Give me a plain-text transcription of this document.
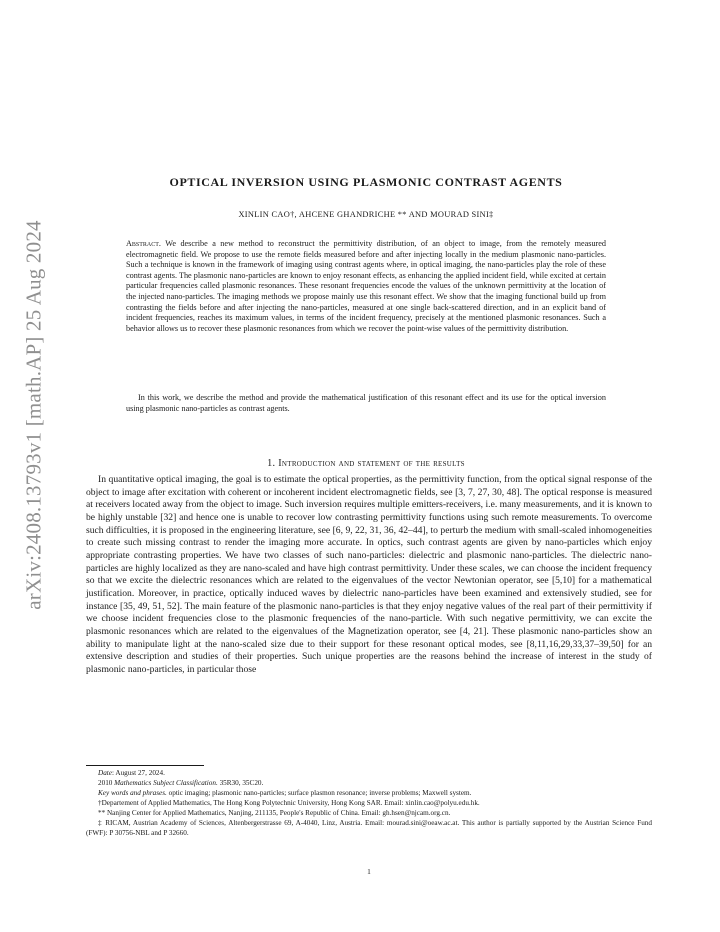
arXiv:2408.13793v1 [math.AP] 25 Aug 2024
OPTICAL INVERSION USING PLASMONIC CONTRAST AGENTS
XINLIN CAO†, AHCENE GHANDRICHE ** AND MOURAD SINI‡
Abstract. We describe a new method to reconstruct the permittivity distribution, of an object to image, from the remotely measured electromagnetic field. We propose to use the remote fields measured before and after injecting locally in the medium plasmonic nano-particles. Such a technique is known in the framework of imaging using contrast agents where, in optical imaging, the nano-particles play the role of these contrast agents. The plasmonic nano-particles are known to enjoy resonant effects, as enhancing the applied incident field, while excited at certain particular frequencies called plasmonic resonances. These resonant frequencies encode the values of the unknown permittivity at the location of the injected nano-particles. The imaging methods we propose mainly use this resonant effect. We show that the imaging functional build up from contrasting the fields before and after injecting the nano-particles, measured at one single back-scattered direction, and in an explicit band of incident frequencies, reaches its maximum values, in terms of the incident frequency, precisely at the mentioned plasmonic resonances. Such a behavior allows us to recover these plasmonic resonances from which we recover the point-wise values of the permittivity distribution.
In this work, we describe the method and provide the mathematical justification of this resonant effect and its use for the optical inversion using plasmonic nano-particles as contrast agents.
1. Introduction and statement of the results
In quantitative optical imaging, the goal is to estimate the optical properties, as the permittivity function, from the optical signal response of the object to image after excitation with coherent or incoherent incident electromagnetic fields, see [3, 7, 27, 30, 48]. The optical response is measured at receivers located away from the object to image. Such inversion requires multiple emitters-receivers, i.e. many measurements, and it is known to be highly unstable [32] and hence one is unable to recover low contrasting permittivity functions using such remote measurements. To overcome such difficulties, it is proposed in the engineering literature, see [6, 9, 22, 31, 36, 42–44], to perturb the medium with small-scaled inhomogeneities to create such missing contrast to render the imaging more accurate. In optics, such contrast agents are given by nano-particles which enjoy appropriate contrasting properties. We have two classes of such nano-particles: dielectric and plasmonic nano-particles. The dielectric nano-particles are highly localized as they are nano-scaled and have high contrast permittivity. Under these scales, we can choose the incident frequency so that we excite the dielectric resonances which are related to the eigenvalues of the vector Newtonian operator, see [5,10] for a mathematical justification. Moreover, in practice, optically induced waves by dielectric nano-particles have been examined and extensively studied, see for instance [35, 49, 51, 52]. The main feature of the plasmonic nano-particles is that they enjoy negative values of the real part of their permittivity if we choose incident frequencies close to the plasmonic frequencies of the nano-particle. With such negative permittivity, we can excite the plasmonic resonances which are related to the eigenvalues of the Magnetization operator, see [4, 21]. These plasmonic nano-particles show an ability to manipulate light at the nano-scaled size due to their support for these resonant optical modes, see [8,11,16,29,33,37–39,50] for an extensive description and studies of their properties. Such unique properties are the reasons behind the increase of interest in the study of plasmonic nano-particles, in particular those

Date: August 27, 2024.

2010 Mathematics Subject Classification. 35R30, 35C20.

Key words and phrases. optic imaging; plasmonic nano-particles; surface plasmon resonance; inverse problems; Maxwell system.

†Departement of Applied Mathematics, The Hong Kong Polytechnic University, Hong Kong SAR. Email: xinlin.cao@polyu.edu.hk.

** Nanjing Center for Applied Mathematics, Nanjing, 211135, People's Republic of China. Email: gh.hsen@njcam.org.cn.

‡ RICAM, Austrian Academy of Sciences, Altenbergerstrasse 69, A-4040, Linz, Austria. Email: mourad.sini@oeaw.ac.at. This author is partially supported by the Austrian Science Fund (FWF): P 30756-NBL and P 32660.

1
